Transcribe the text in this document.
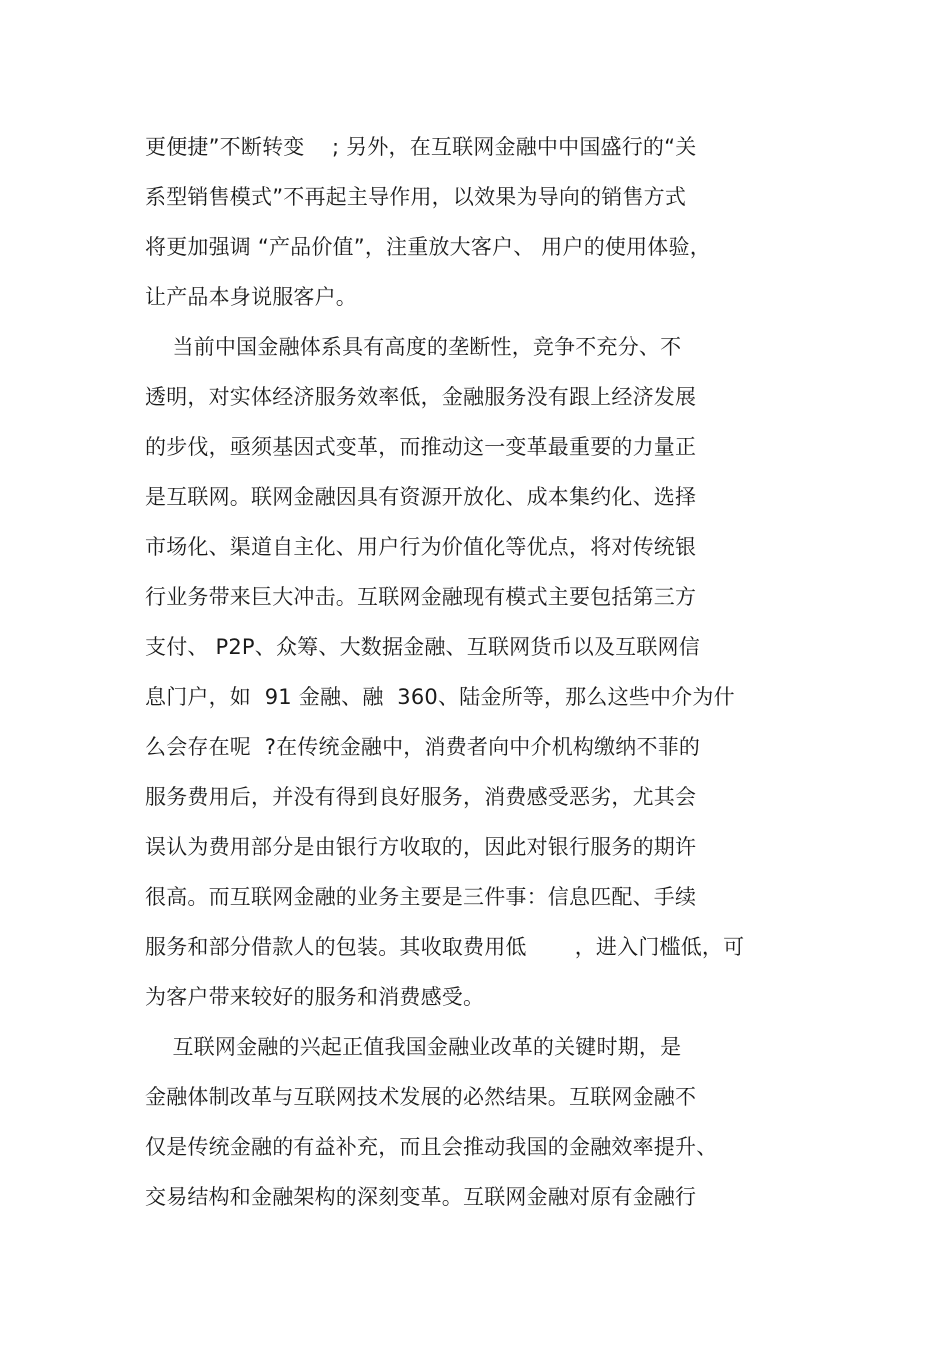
更便捷”不断转变    ; 另外，在互联网金融中中国盛行的“关
系型销售模式”不再起主导作用，以效果为导向的销售方式
将更加强调 “产品价值”，注重放大客户、 用户的使用体验，
让产品本身说服客户。
当前中国金融体系具有高度的垄断性，竞争不充分、不
透明，对实体经济服务效率低，金融服务没有跟上经济发展
的步伐，亟须基因式变革，而推动这一变革最重要的力量正
是互联网。联网金融因具有资源开放化、成本集约化、选择
市场化、渠道自主化、用户行为价值化等优点，将对传统银
行业务带来巨大冲击。互联网金融现有模式主要包括第三方
支付、 P2P、众筹、大数据金融、互联网货币以及互联网信
息门户，如  91 金融、融  360、陆金所等，那么这些中介为什
么会存在呢  ?在传统金融中，消费者向中介机构缴纳不菲的
服务费用后，并没有得到良好服务，消费感受恶劣，尤其会
误认为费用部分是由银行方收取的，因此对银行服务的期许
很高。而互联网金融的业务主要是三件事：信息匹配、手续
服务和部分借款人的包装。其收取费用低       ，进入门槛低，可
为客户带来较好的服务和消费感受。
互联网金融的兴起正值我国金融业改革的关键时期，是
金融体制改革与互联网技术发展的必然结果。互联网金融不
仅是传统金融的有益补充，而且会推动我国的金融效率提升、
交易结构和金融架构的深刻变革。互联网金融对原有金融行
